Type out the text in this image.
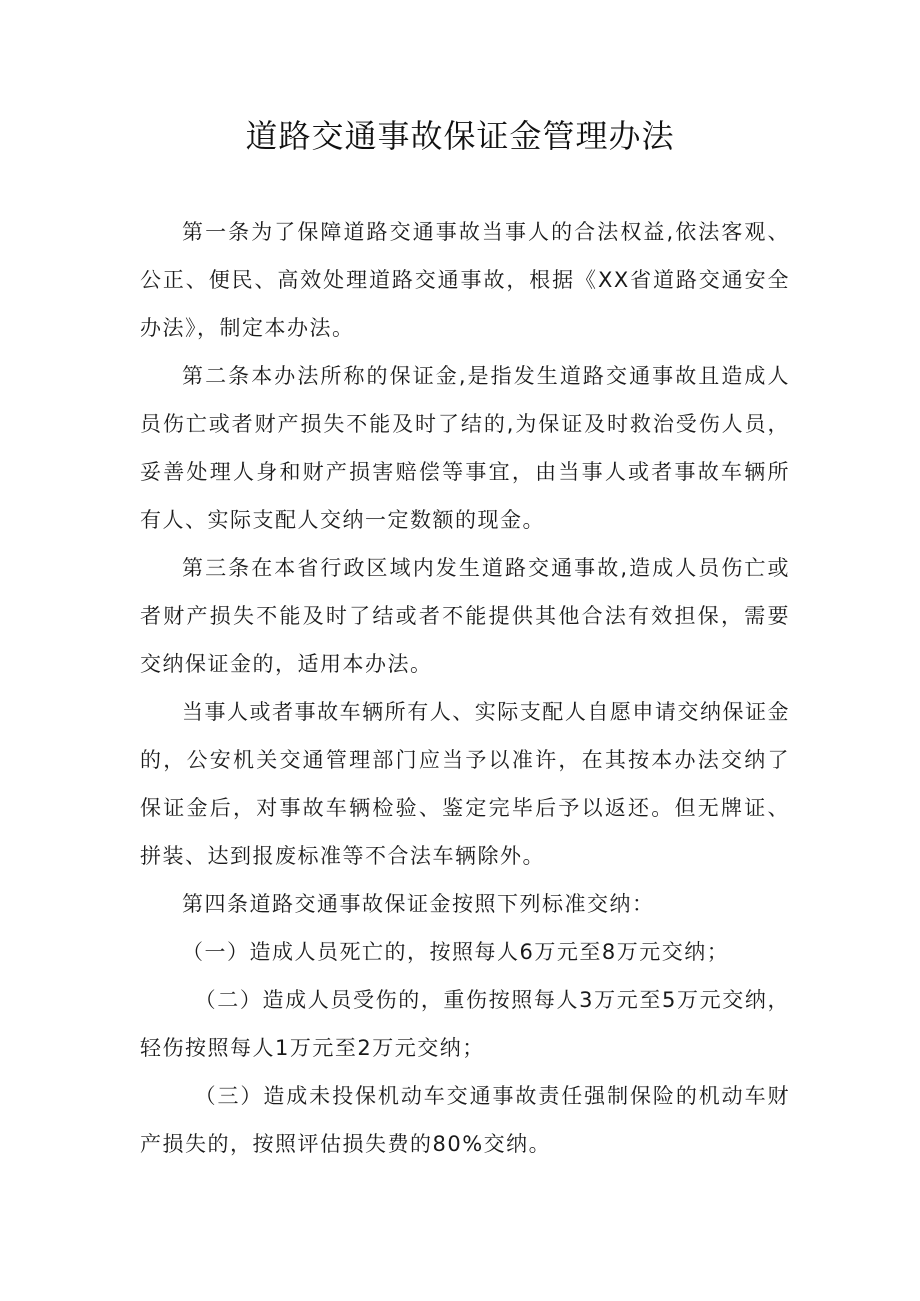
道路交通事故保证金管理办法

第一条为了保障道路交通事故当事人的合法权益,依法客观、公正、便民、高效处理道路交通事故，根据《XX省道路交通安全办法》，制定本办法。

第二条本办法所称的保证金,是指发生道路交通事故且造成人员伤亡或者财产损失不能及时了结的,为保证及时救治受伤人员，妥善处理人身和财产损害赔偿等事宜，由当事人或者事故车辆所有人、实际支配人交纳一定数额的现金。

第三条在本省行政区域内发生道路交通事故,造成人员伤亡或者财产损失不能及时了结或者不能提供其他合法有效担保，需要交纳保证金的，适用本办法。

当事人或者事故车辆所有人、实际支配人自愿申请交纳保证金的，公安机关交通管理部门应当予以准许，在其按本办法交纳了保证金后，对事故车辆检验、鉴定完毕后予以返还。但无牌证、拼装、达到报废标准等不合法车辆除外。

第四条道路交通事故保证金按照下列标准交纳：

（一）造成人员死亡的，按照每人6万元至8万元交纳；

（二）造成人员受伤的，重伤按照每人3万元至5万元交纳，轻伤按照每人1万元至2万元交纳；

（三）造成未投保机动车交通事故责任强制保险的机动车财产损失的，按照评估损失费的80%交纳。
